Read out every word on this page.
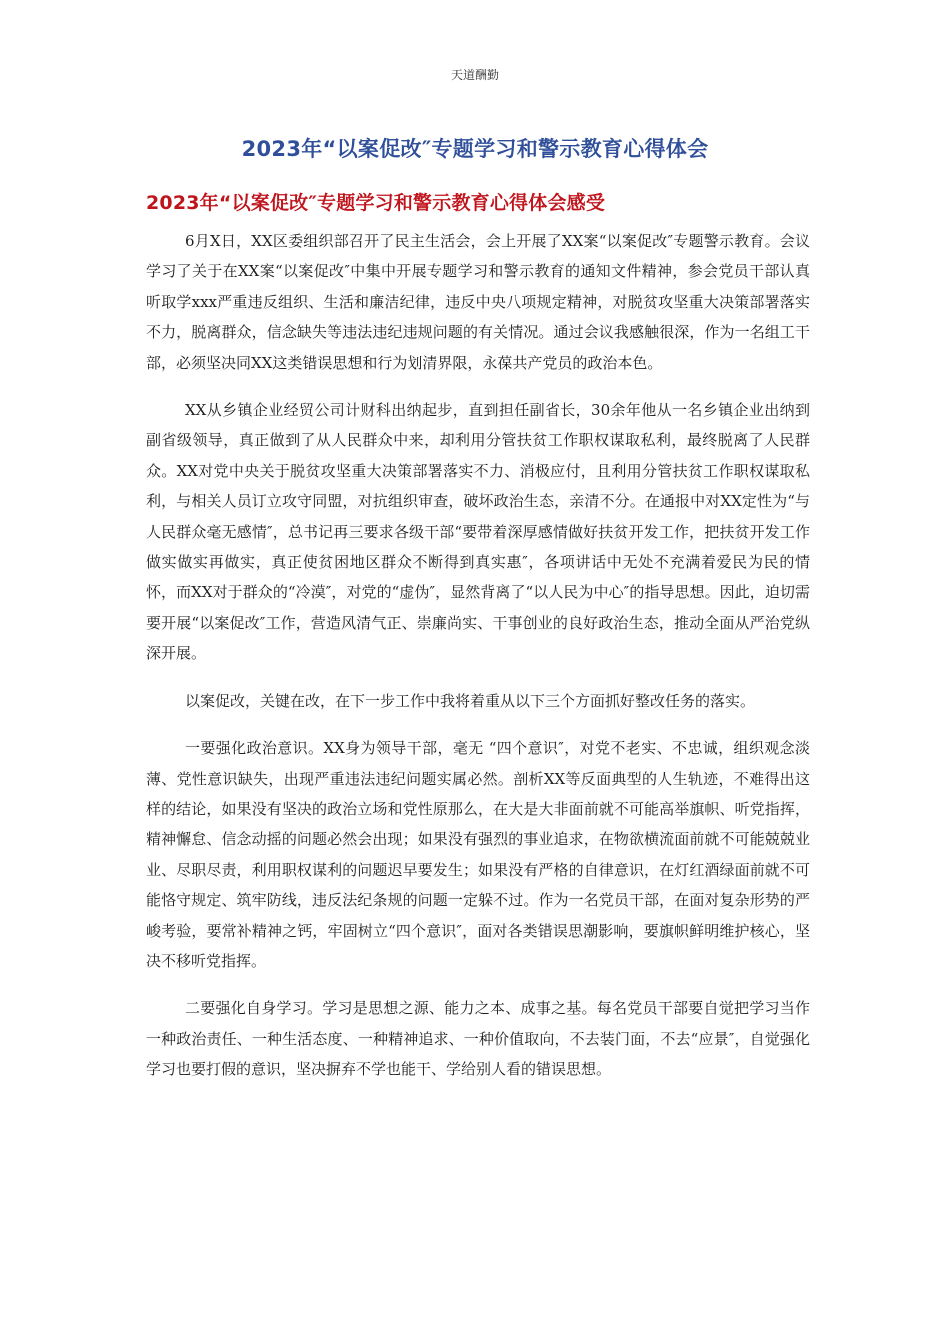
天道酬勤
2023年“以案促改″专题学习和警示教育心得体会
2023年“以案促改″专题学习和警示教育心得体会感受

6月X日，XX区委组织部召开了民主生活会，会上开展了XX案“以案促改″专题警示教育。会议学习了关于在XX案“以案促改″中集中开展专题学习和警示教育的通知文件精神，参会党员干部认真听取学xxx严重违反组织、生活和廉洁纪律，违反中央八项规定精神，对脱贫攻坚重大决策部署落实不力，脱离群众，信念缺失等违法违纪违规问题的有关情况。通过会议我感触很深，作为一名组工干部，必须坚决同XX这类错误思想和行为划清界限，永葆共产党员的政治本色。

XX从乡镇企业经贸公司计财科出纳起步，直到担任副省长，30余年他从一名乡镇企业出纳到副省级领导，真正做到了从人民群众中来，却利用分管扶贫工作职权谋取私利，最终脱离了人民群众。XX对党中央关于脱贫攻坚重大决策部署落实不力、消极应付，且利用分管扶贫工作职权谋取私利，与相关人员订立攻守同盟，对抗组织审查，破坏政治生态，亲清不分。在通报中对XX定性为“与人民群众毫无感情″，总书记再三要求各级干部“要带着深厚感情做好扶贫开发工作，把扶贫开发工作做实做实再做实，真正使贫困地区群众不断得到真实惠″，各项讲话中无处不充满着爱民为民的情怀，而XX对于群众的“冷漠″，对党的“虚伪″，显然背离了“以人民为中心″的指导思想。因此，迫切需要开展“以案促改″工作，营造风清气正、崇廉尚实、干事创业的良好政治生态，推动全面从严治党纵深开展。

以案促改，关键在改，在下一步工作中我将着重从以下三个方面抓好整改任务的落实。

一要强化政治意识。XX身为领导干部，毫无 “四个意识″，对党不老实、不忠诚，组织观念淡薄、党性意识缺失，出现严重违法违纪问题实属必然。剖析XX等反面典型的人生轨迹，不难得出这样的结论，如果没有坚决的政治立场和党性原那么，在大是大非面前就不可能高举旗帜、听党指挥，精神懈怠、信念动摇的问题必然会出现；如果没有强烈的事业追求，在物欲横流面前就不可能兢兢业业、尽职尽责，利用职权谋利的问题迟早要发生；如果没有严格的自律意识，在灯红酒绿面前就不可能恪守规定、筑牢防线，违反法纪条规的问题一定躲不过。作为一名党员干部，在面对复杂形势的严峻考验，要常补精神之钙，牢固树立“四个意识″，面对各类错误思潮影响，要旗帜鲜明维护核心，坚决不移听党指挥。

二要强化自身学习。学习是思想之源、能力之本、成事之基。每名党员干部要自觉把学习当作一种政治责任、一种生活态度、一种精神追求、一种价值取向，不去装门面，不去“应景″，自觉强化学习也要打假的意识，坚决摒弃不学也能干、学给别人看的错误思想。
